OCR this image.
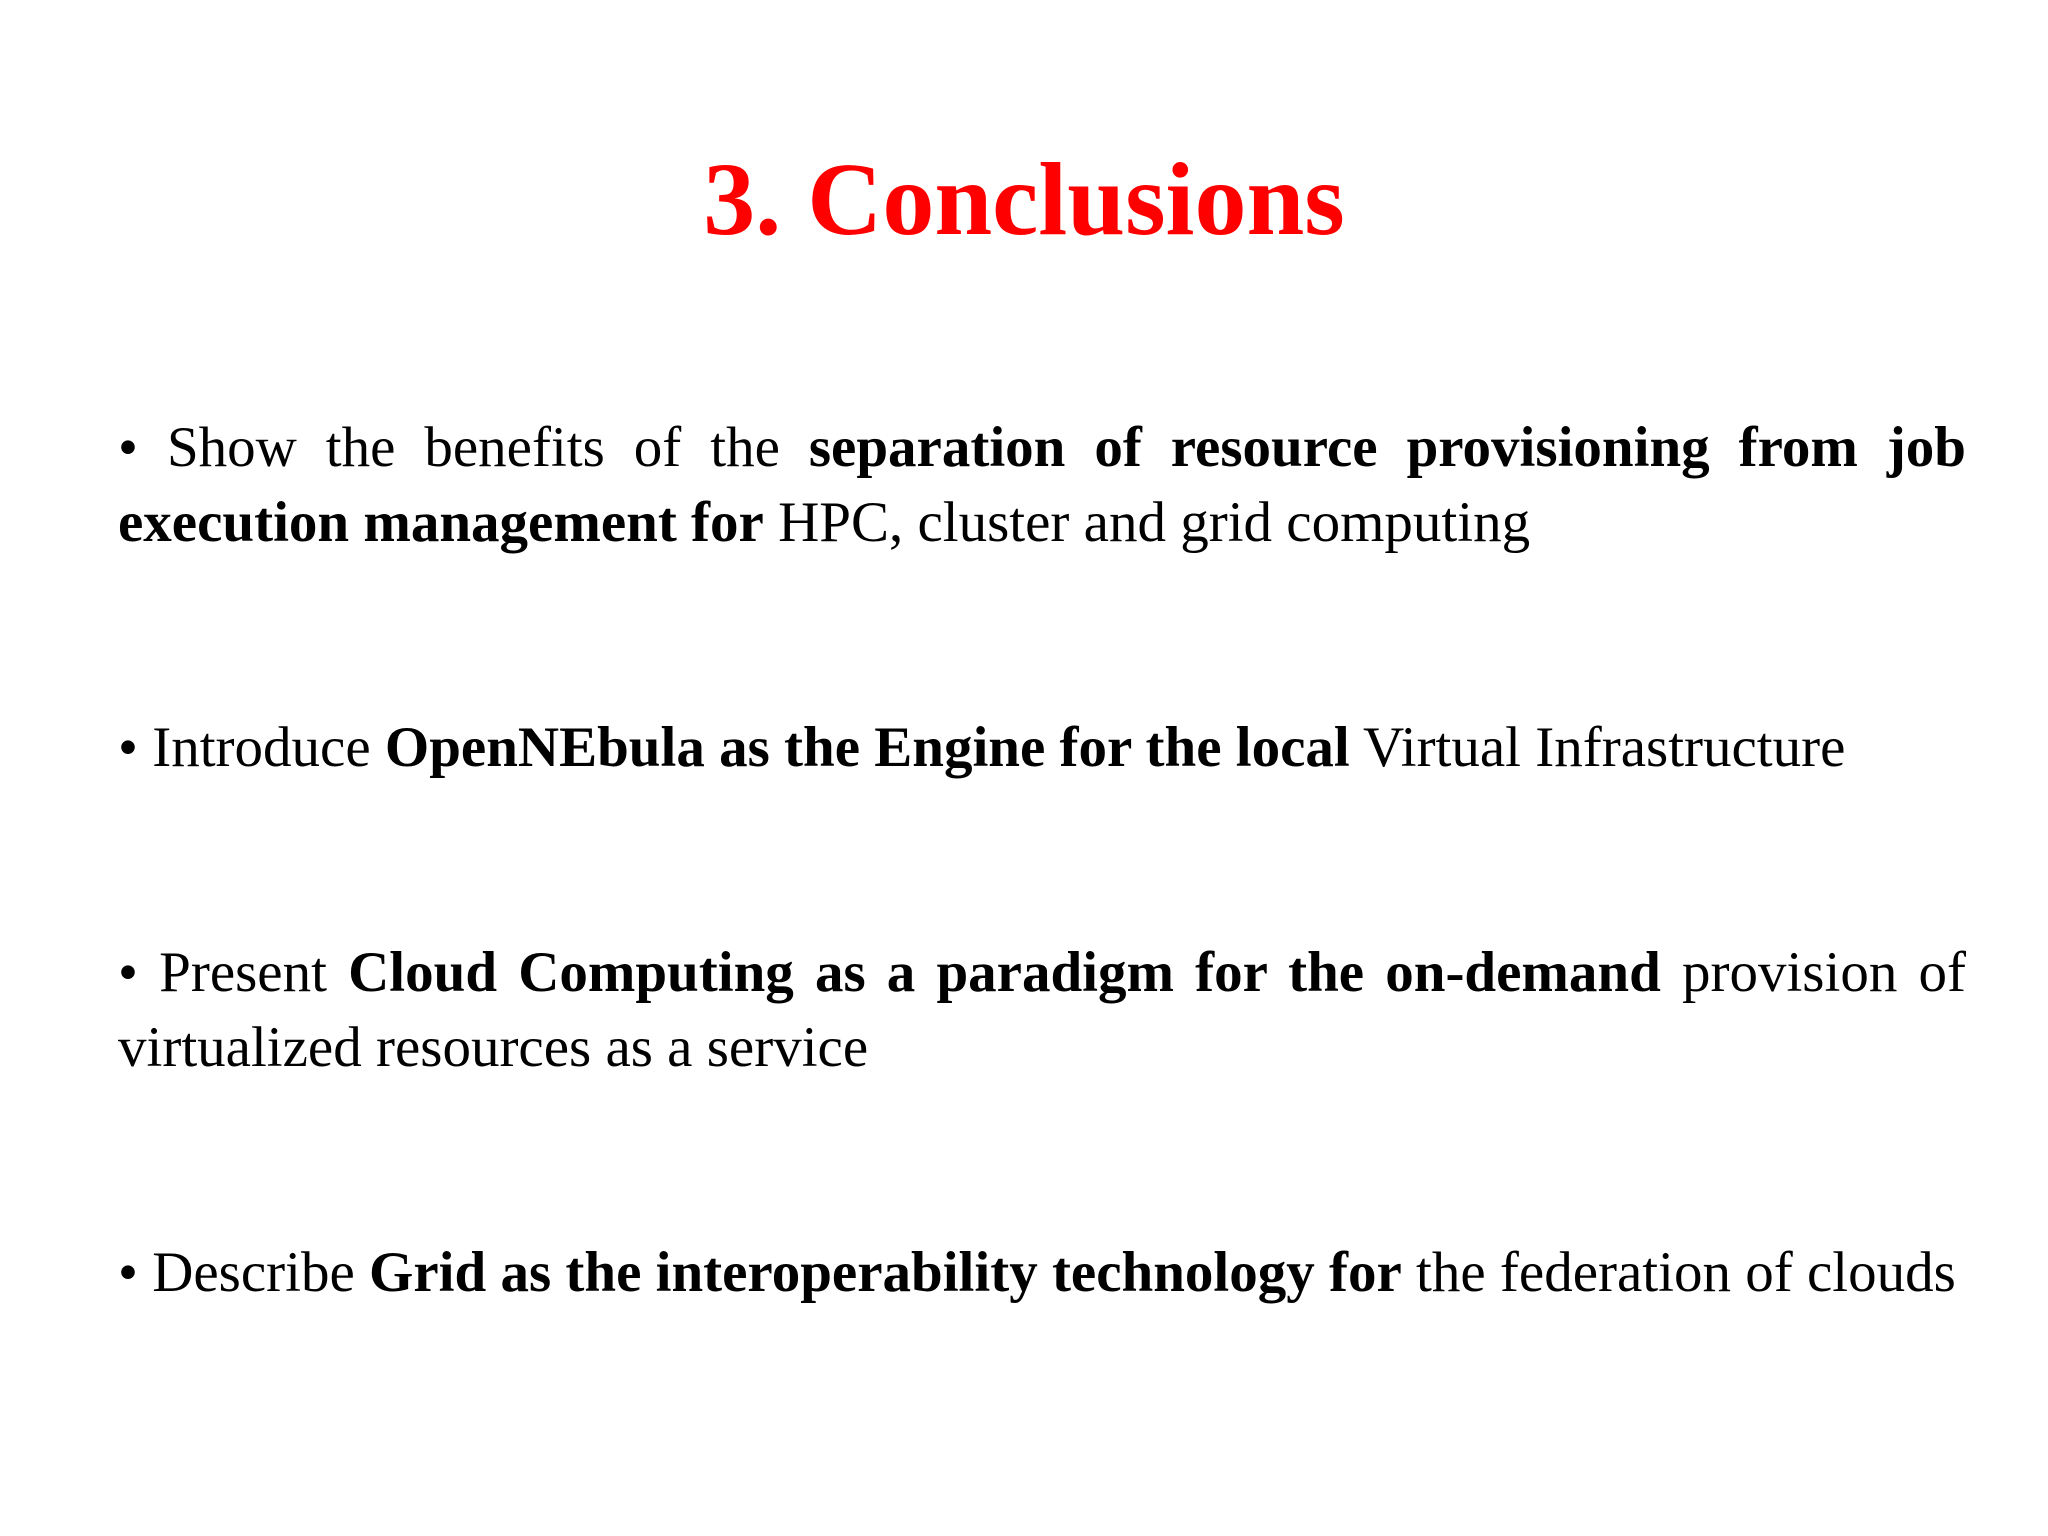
3. Conclusions
• Show the benefits of the separation of resource provisioning from job execution management for HPC, cluster and grid computing
• Introduce OpenNEbula as the Engine for the local Virtual Infrastructure
• Present Cloud Computing as a paradigm for the on-demand provision of virtualized resources as a service
• Describe Grid as the interoperability technology for the federation of clouds
